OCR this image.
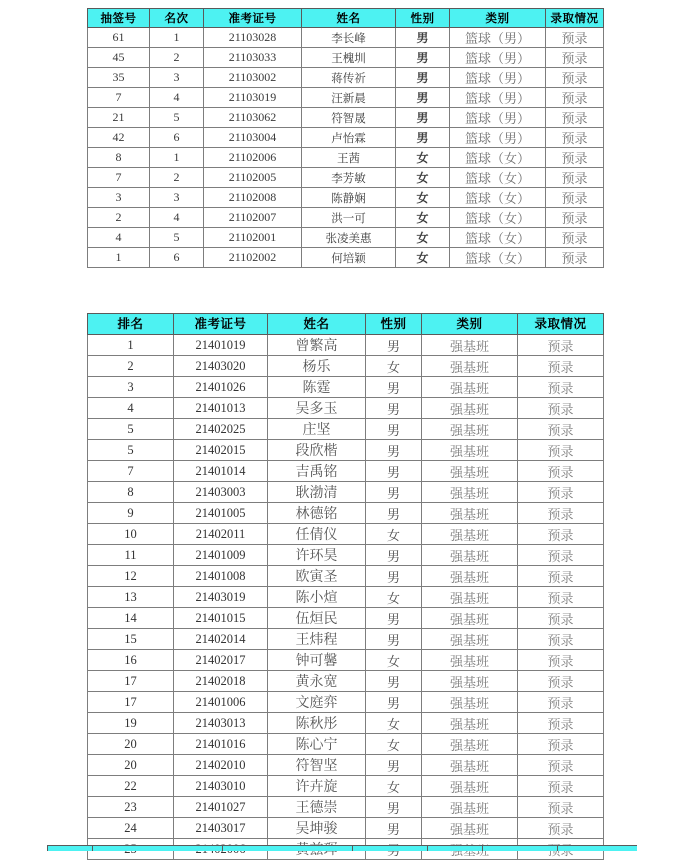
抽签号	名次	准考证号	姓名	性别	类别	录取情况
61	1	21103028	李长峰	男	篮球（男）	预录
45	2	21103033	王槐圳	男	篮球（男）	预录
35	3	21103002	蒋传祈	男	篮球（男）	预录
7	4	21103019	汪新晨	男	篮球（男）	预录
21	5	21103062	符智晟	男	篮球（男）	预录
42	6	21103004	卢怡霖	男	篮球（男）	预录
8	1	21102006	王茜	女	篮球（女）	预录
7	2	21102005	李芳敏	女	篮球（女）	预录
3	3	21102008	陈静娴	女	篮球（女）	预录
2	4	21102007	洪一可	女	篮球（女）	预录
4	5	21102001	张凌美惠	女	篮球（女）	预录
1	6	21102002	何培颖	女	篮球（女）	预录
排名	准考证号	姓名	性别	类别	录取情况
1	21401019	曾繁高	男	强基班	预录
2	21403020	杨乐	女	强基班	预录
3	21401026	陈霆	男	强基班	预录
4	21401013	吴多玉	男	强基班	预录
5	21402025	庄坚	男	强基班	预录
5	21402015	段欣楷	男	强基班	预录
7	21401014	吉禹铭	男	强基班	预录
8	21403003	耿渤清	男	强基班	预录
9	21401005	林德铭	男	强基班	预录
10	21402011	任倩仪	女	强基班	预录
11	21401009	许环昊	男	强基班	预录
12	21401008	欧寅圣	男	强基班	预录
13	21403019	陈小煊	女	强基班	预录
14	21401015	伍烜民	男	强基班	预录
15	21402014	王炜程	男	强基班	预录
16	21402017	钟可馨	女	强基班	预录
17	21402018	黄永宽	男	强基班	预录
17	21401006	文庭弈	男	强基班	预录
19	21403013	陈秋彤	女	强基班	预录
20	21401016	陈心宁	女	强基班	预录
20	21402010	符智坚	男	强基班	预录
22	21403010	许卉旋	女	强基班	预录
23	21401027	王德崇	男	强基班	预录
24	21403017	吴坤骏	男	强基班	预录
